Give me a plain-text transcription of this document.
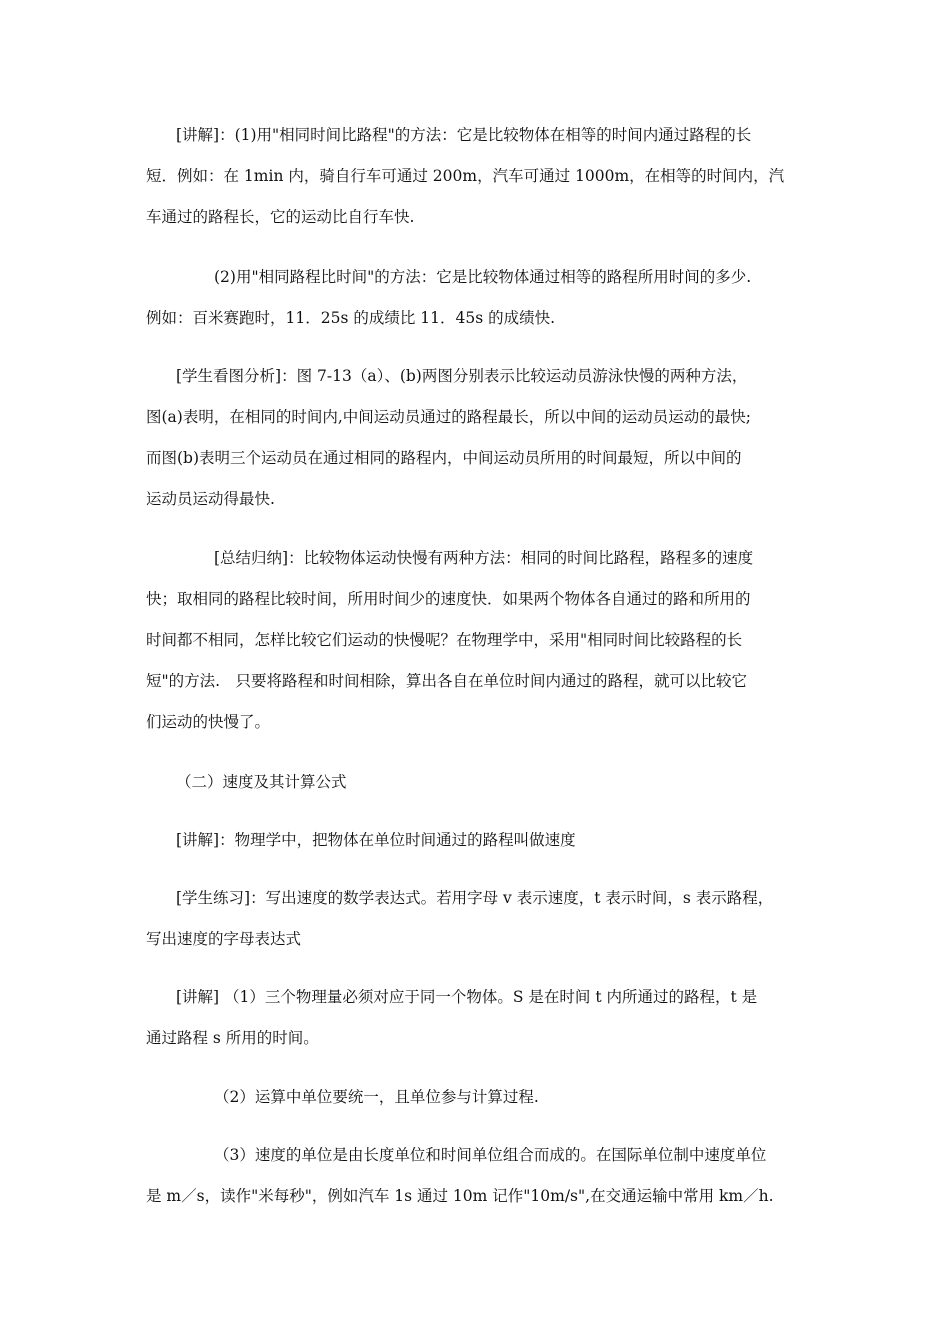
[讲解]：(1)用"相同时间比路程"的方法：它是比较物体在相等的时间内通过路程的长
短．例如：在 1min 内，骑自行车可通过 200m，汽车可通过 1000m，在相等的时间内，汽
车通过的路程长，它的运动比自行车快.
(2)用"相同路程比时间"的方法：它是比较物体通过相等的路程所用时间的多少.
例如：百米赛跑时，11．25s 的成绩比 11．45s 的成绩快.
[学生看图分析]：图 7-13（a）、(b)两图分别表示比较运动员游泳快慢的两种方法，
图(a)表明，在相同的时间内,中间运动员通过的路程最长，所以中间的运动员运动的最快;
而图(b)表明三个运动员在通过相同的路程内，中间运动员所用的时间最短，所以中间的
运动员运动得最快.
[总结归纳]：比较物体运动快慢有两种方法：相同的时间比路程，路程多的速度
快；取相同的路程比较时间，所用时间少的速度快．如果两个物体各自通过的路和所用的
时间都不相同，怎样比较它们运动的快慢呢？在物理学中，采用"相同时间比较路程的长
短"的方法.　只要将路程和时间相除，算出各自在单位时间内通过的路程，就可以比较它
们运动的快慢了。
（二）速度及其计算公式
[讲解]：物理学中，把物体在单位时间通过的路程叫做速度
[学生练习]：写出速度的数学表达式。若用字母 v 表示速度，t 表示时间，s 表示路程，
写出速度的字母表达式
[讲解] （1）三个物理量必须对应于同一个物体。S 是在时间 t 内所通过的路程，t 是
通过路程 s 所用的时间。
（2）运算中单位要统一，且单位参与计算过程.
（3）速度的单位是由长度单位和时间单位组合而成的。在国际单位制中速度单位
是 m／s，读作"米每秒"，例如汽车 1s 通过 10m 记作"10m/s",在交通运输中常用 km／h.
